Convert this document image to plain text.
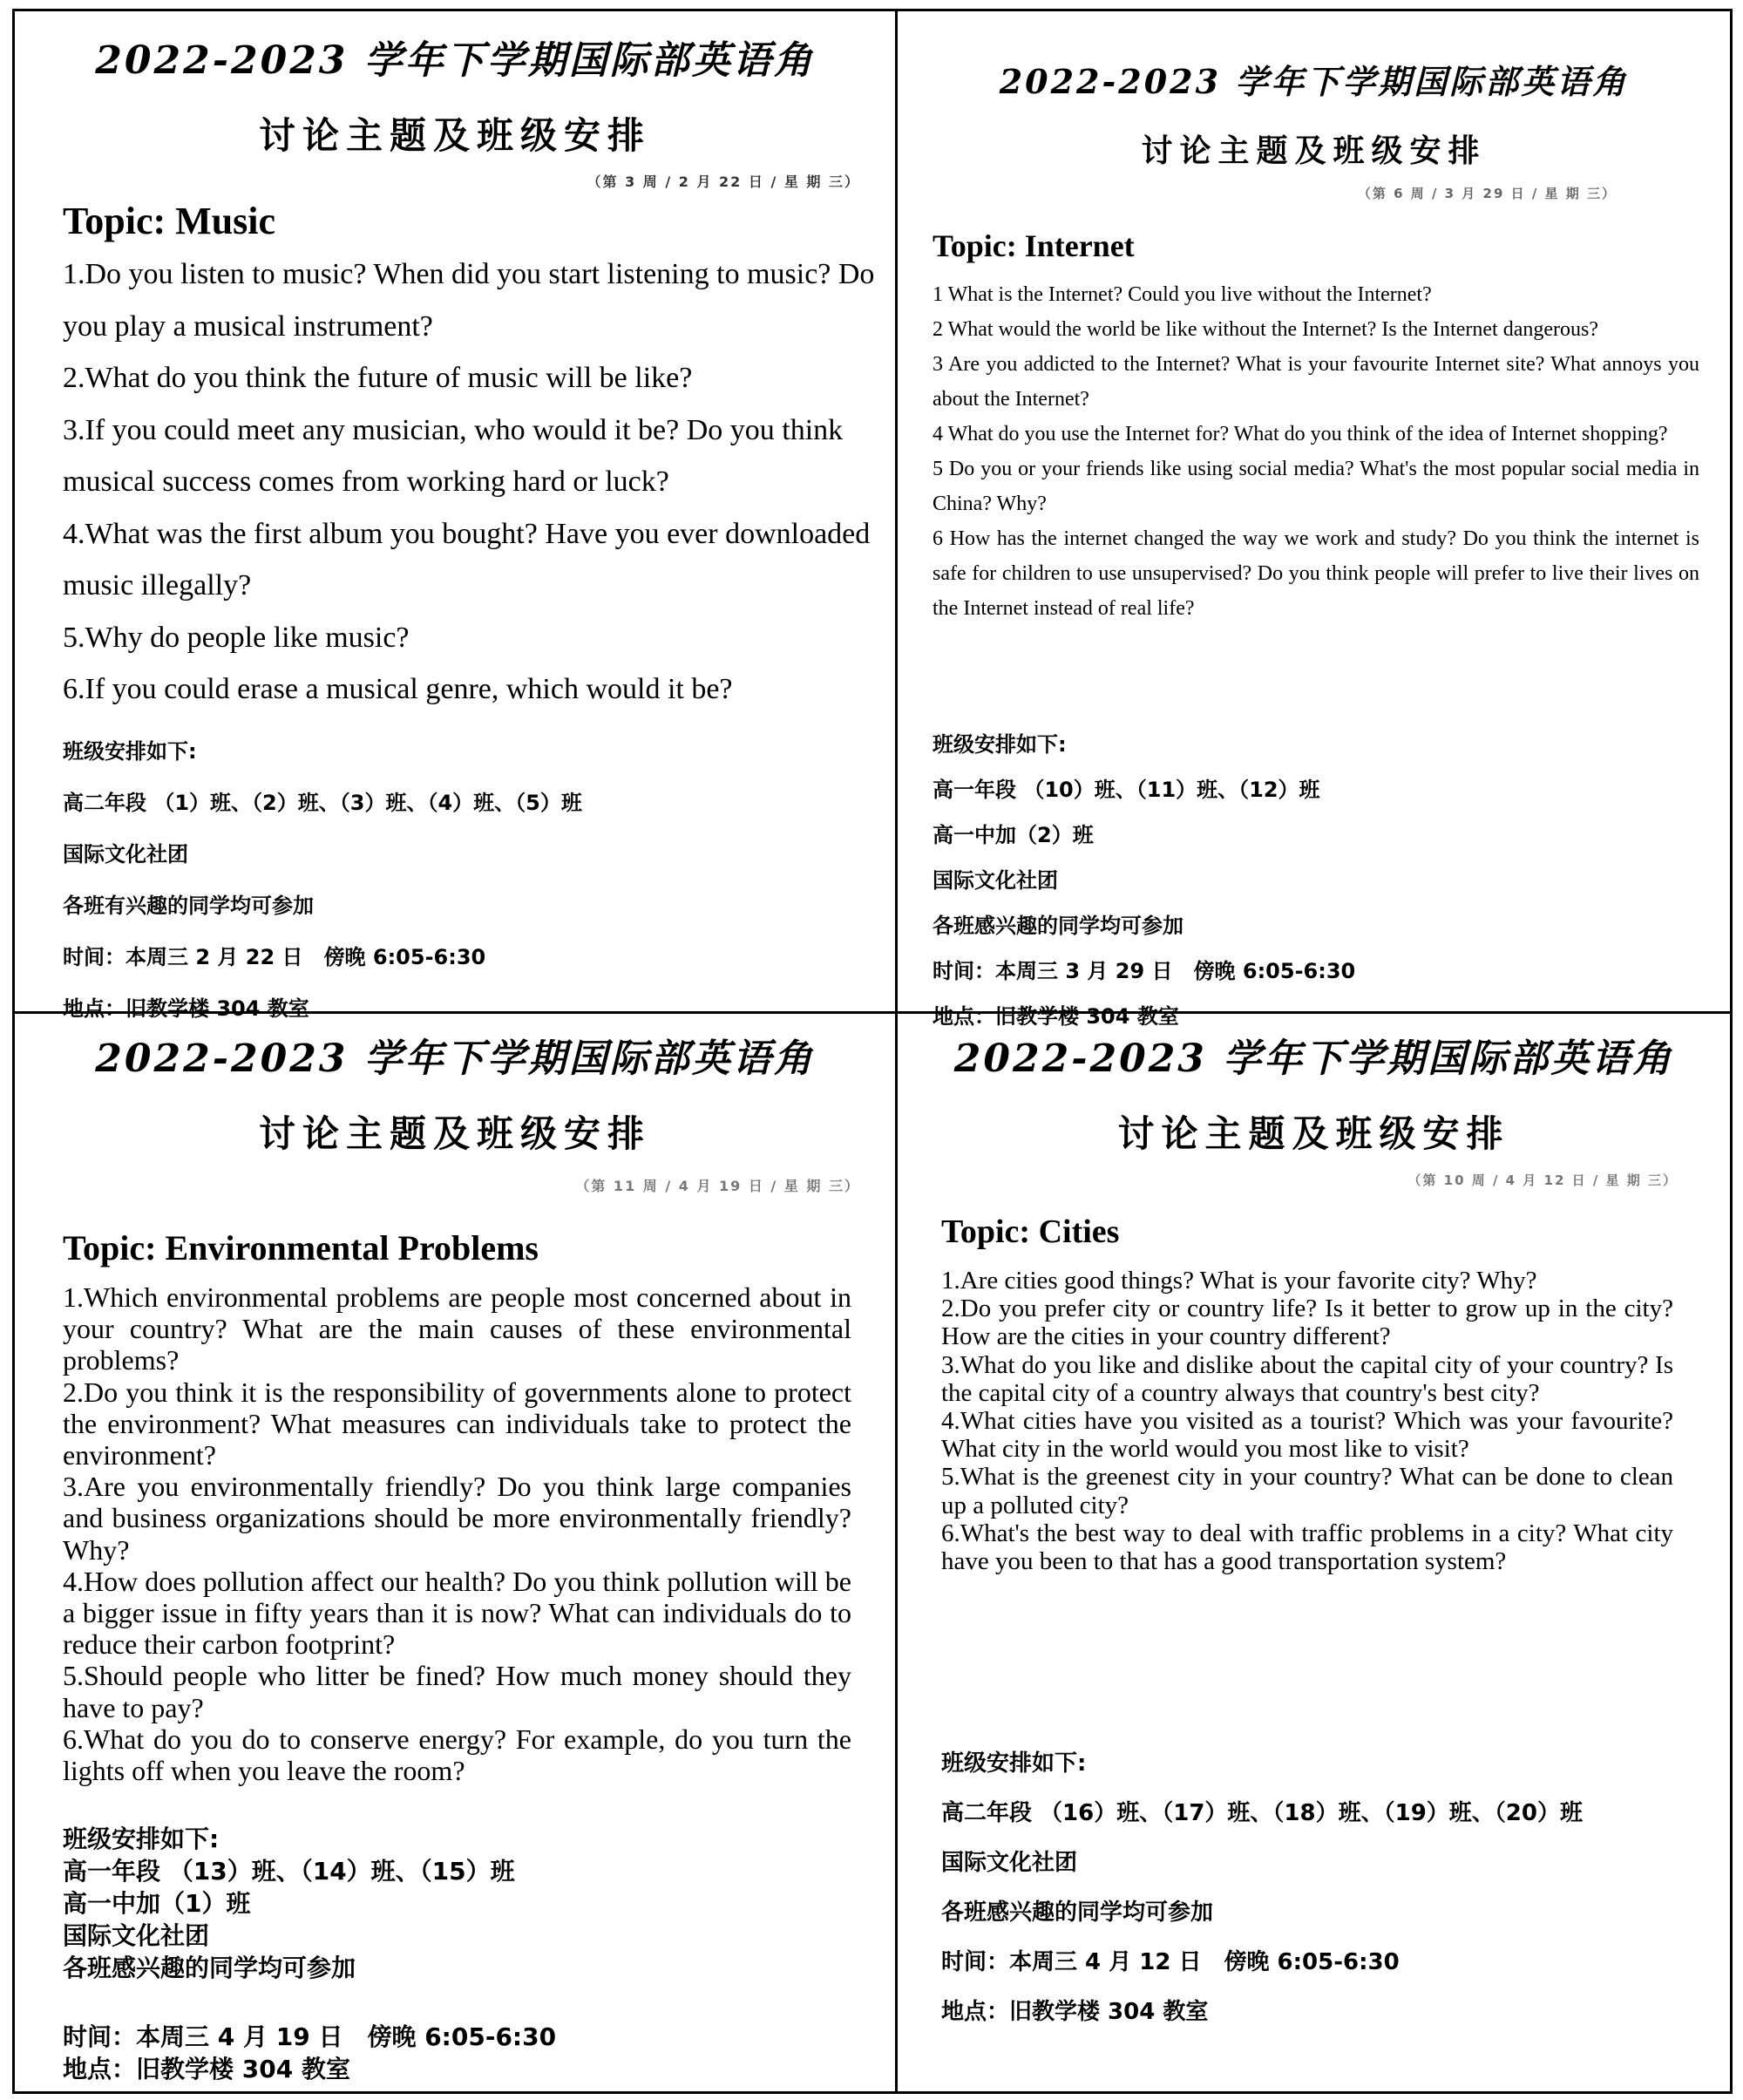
2022-2023 学年下学期国际部英语角
讨论主题及班级安排
（第 3 周 / 2 月 22 日 / 星 期 三）
Topic: Music

1.Do you listen to music? When did you start listening to music? Do you play a musical instrument?

2.What do you think the future of music will be like?

3.If you could meet any musician, who would it be? Do you think musical success comes from working hard or luck?

4.What was the first album you bought? Have you ever downloaded music illegally?

5.Why do people like music?

6.If you could erase a musical genre, which would it be?

班级安排如下:
高二年段 （1）班、（2）班、（3）班、（4）班、（5）班
国际文化社团
各班有兴趣的同学均可参加
时间：本周三 2 月 22 日　傍晚 6:05-6:30
地点：旧教学楼 304 教室
2022-2023 学年下学期国际部英语角
讨论主题及班级安排
（第 6 周 / 3 月 29 日 / 星 期 三）
Topic: Internet

1 What is the Internet? Could you live without the Internet?

2 What would the world be like without the Internet? Is the Internet dangerous?

3 Are you addicted to the Internet? What is your favourite Internet site? What annoys you about the Internet?

4 What do you use the Internet for? What do you think of the idea of Internet shopping?

5 Do you or your friends like using social media? What's the most popular social media in China? Why?

6 How has the internet changed the way we work and study? Do you think the internet is safe for children to use unsupervised? Do you think people will prefer to live their lives on the Internet instead of real life?

班级安排如下:
高一年段 （10）班、（11）班、（12）班
高一中加（2）班
国际文化社团
各班感兴趣的同学均可参加
时间：本周三 3 月 29 日　傍晚 6:05-6:30
地点：旧教学楼 304 教室
2022-2023 学年下学期国际部英语角
讨论主题及班级安排
（第 11 周 / 4 月 19 日 / 星 期 三）
Topic: Environmental Problems

1.Which environmental problems are people most concerned about in your country? What are the main causes of these environmental problems?

2.Do you think it is the responsibility of governments alone to protect the environment? What measures can individuals take to protect the environment?

3.Are you environmentally friendly? Do you think large companies and business organizations should be more environmentally friendly? Why?

4.How does pollution affect our health? Do you think pollution will be a bigger issue in fifty years than it is now? What can individuals do to reduce their carbon footprint?

5.Should people who litter be fined? How much money should they have to pay?

6.What do you do to conserve energy? For example, do you turn the lights off when you leave the room?

班级安排如下:
高一年段 （13）班、（14）班、（15）班
高一中加（1）班
国际文化社团
各班感兴趣的同学均可参加
时间：本周三 4 月 19 日　傍晚 6:05-6:30
地点：旧教学楼 304 教室
2022-2023 学年下学期国际部英语角
讨论主题及班级安排
（第 10 周 / 4 月 12 日 / 星 期 三）
Topic: Cities

1.Are cities good things? What is your favorite city? Why?

2.Do you prefer city or country life? Is it better to grow up in the city? How are the cities in your country different?

3.What do you like and dislike about the capital city of your country? Is the capital city of a country always that country's best city?

4.What cities have you visited as a tourist? Which was your favourite? What city in the world would you most like to visit?

5.What is the greenest city in your country? What can be done to clean up a polluted city?

6.What's the best way to deal with traffic problems in a city? What city have you been to that has a good transportation system?

班级安排如下:
高二年段 （16）班、（17）班、（18）班、（19）班、（20）班
国际文化社团
各班感兴趣的同学均可参加
时间：本周三 4 月 12 日　傍晚 6:05-6:30
地点：旧教学楼 304 教室
